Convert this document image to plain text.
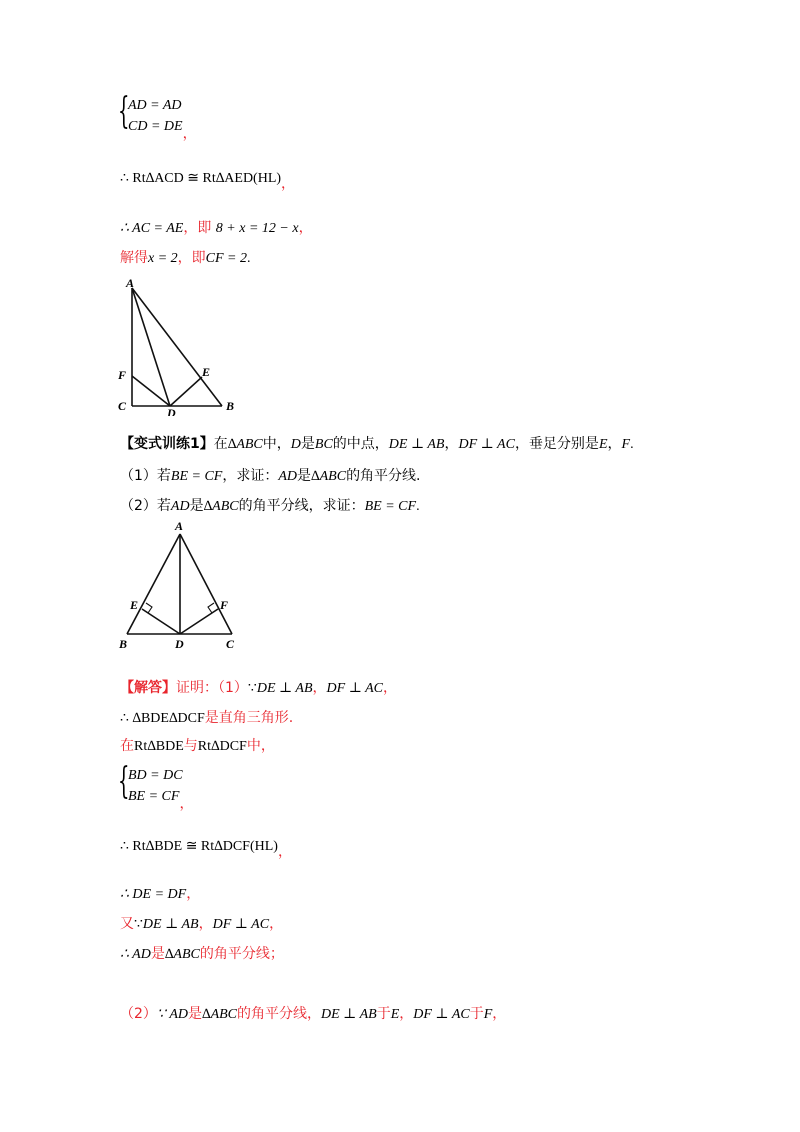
{
AD = AD
CD = DE，
∴ Rt∆ACD ≅ Rt∆AED(HL)，
∴ AC = AE，即 8 + x = 12 − x，
解得x = 2，即CF = 2.
A
F
C	D
E
B
【变式训练1】在∆ABC中，D是BC的中点，DE ⊥ AB，DF ⊥ AC，垂足分别是E，F.
（1）若BE = CF，求证：AD是∆ABC的角平分线.
（2）若AD是∆ABC的角平分线，求证：BE = CF.
A
E	F
B	D	C
【解答】证明：（1）∵DE ⊥ AB，DF ⊥ AC，
∴ ∆BDE∆DCF是直角三角形.
在Rt∆BDE与Rt∆DCF中，
{
BD = DC
BE = CF，
∴ Rt∆BDE ≅ Rt∆DCF(HL)，
∴ DE = DF，
又∵DE ⊥ AB，DF ⊥ AC，
∴ AD是∆ABC的角平分线；
（2）∵ AD是∆ABC的角平分线，DE ⊥ AB于E，DF ⊥ AC于F，
